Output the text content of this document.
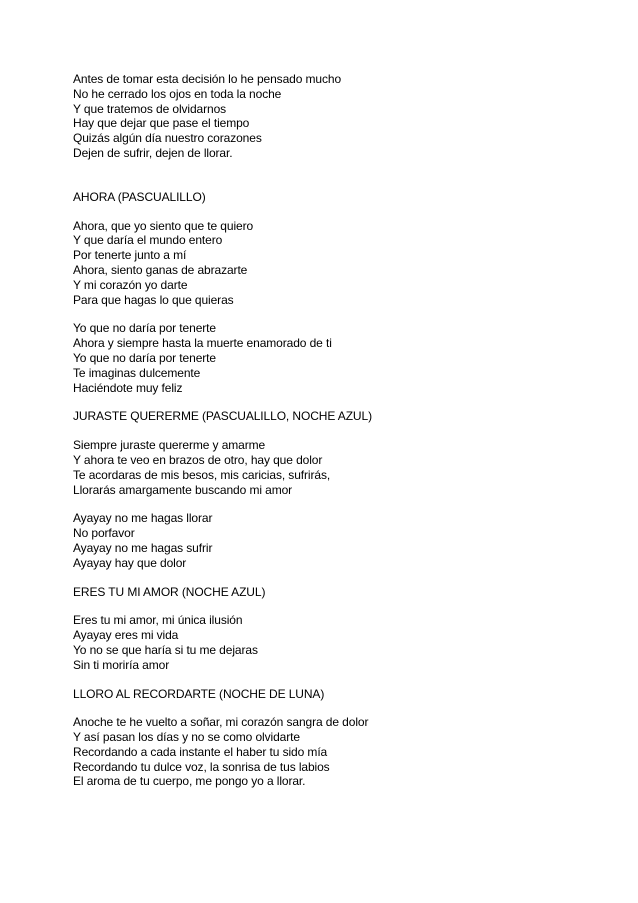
Antes de tomar esta decisión lo he pensado mucho
No he cerrado los ojos en toda la noche
Y que tratemos de olvidarnos
Hay que dejar que pase el tiempo
Quizás algún día nuestro corazones
Dejen de sufrir, dejen de llorar.
AHORA (PASCUALILLO)
Ahora, que yo siento que te quiero
Y que daría el mundo entero
Por tenerte junto a mí
Ahora, siento ganas de abrazarte
Y mi corazón yo darte
Para que hagas lo que quieras
Yo que no daría por tenerte
Ahora y siempre hasta la muerte enamorado de ti
Yo que no daría por tenerte
Te imaginas dulcemente
Haciéndote muy feliz
JURASTE QUERERME (PASCUALILLO, NOCHE AZUL)
Siempre juraste quererme y amarme
Y ahora te veo en brazos de otro, hay que dolor
Te acordaras de mis besos, mis caricias, sufrirás,
Llorarás amargamente buscando mi amor
Ayayay no me hagas llorar
No porfavor
Ayayay no me hagas sufrir
Ayayay hay que dolor
ERES TU MI AMOR (NOCHE AZUL)
Eres tu mi amor, mi única ilusión
Ayayay eres mi vida
Yo no se que haría si tu me dejaras
Sin ti moriría amor
LLORO AL RECORDARTE (NOCHE DE LUNA)
Anoche te he vuelto a soñar, mi corazón sangra de dolor
Y así pasan los días y no se como olvidarte
Recordando a cada instante el haber tu sido mía
Recordando tu dulce voz, la sonrisa de tus labios
El aroma de tu cuerpo, me pongo yo a llorar.
